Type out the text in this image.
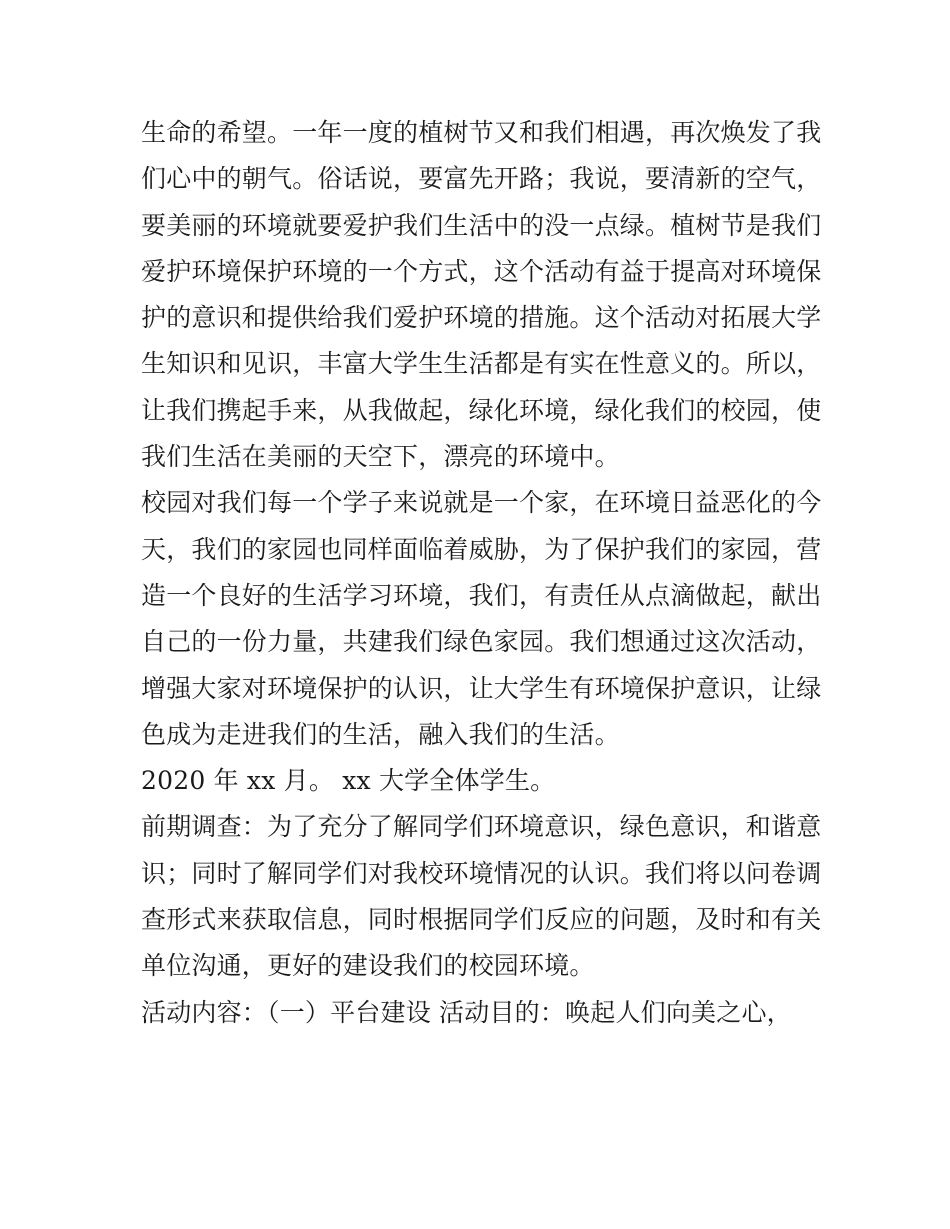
生命的希望。一年一度的植树节又和我们相遇，再次焕发了我
们心中的朝气。俗话说，要富先开路；我说，要清新的空气，
要美丽的环境就要爱护我们生活中的没一点绿。植树节是我们
爱护环境保护环境的一个方式，这个活动有益于提高对环境保
护的意识和提供给我们爱护环境的措施。这个活动对拓展大学
生知识和见识，丰富大学生生活都是有实在性意义的。所以，
让我们携起手来，从我做起，绿化环境，绿化我们的校园，使
我们生活在美丽的天空下，漂亮的环境中。
校园对我们每一个学子来说就是一个家，在环境日益恶化的今
天，我们的家园也同样面临着威胁，为了保护我们的家园，营
造一个良好的生活学习环境，我们，有责任从点滴做起，献出
自己的一份力量，共建我们绿色家园。我们想通过这次活动，
增强大家对环境保护的认识，让大学生有环境保护意识，让绿
色成为走进我们的生活，融入我们的生活。
2020 年 xx 月。 xx 大学全体学生。
前期调查：为了充分了解同学们环境意识，绿色意识，和谐意
识；同时了解同学们对我校环境情况的认识。我们将以问卷调
查形式来获取信息，同时根据同学们反应的问题，及时和有关
单位沟通，更好的建设我们的校园环境。
活动内容：（一）平台建设 活动目的：唤起人们向美之心，
